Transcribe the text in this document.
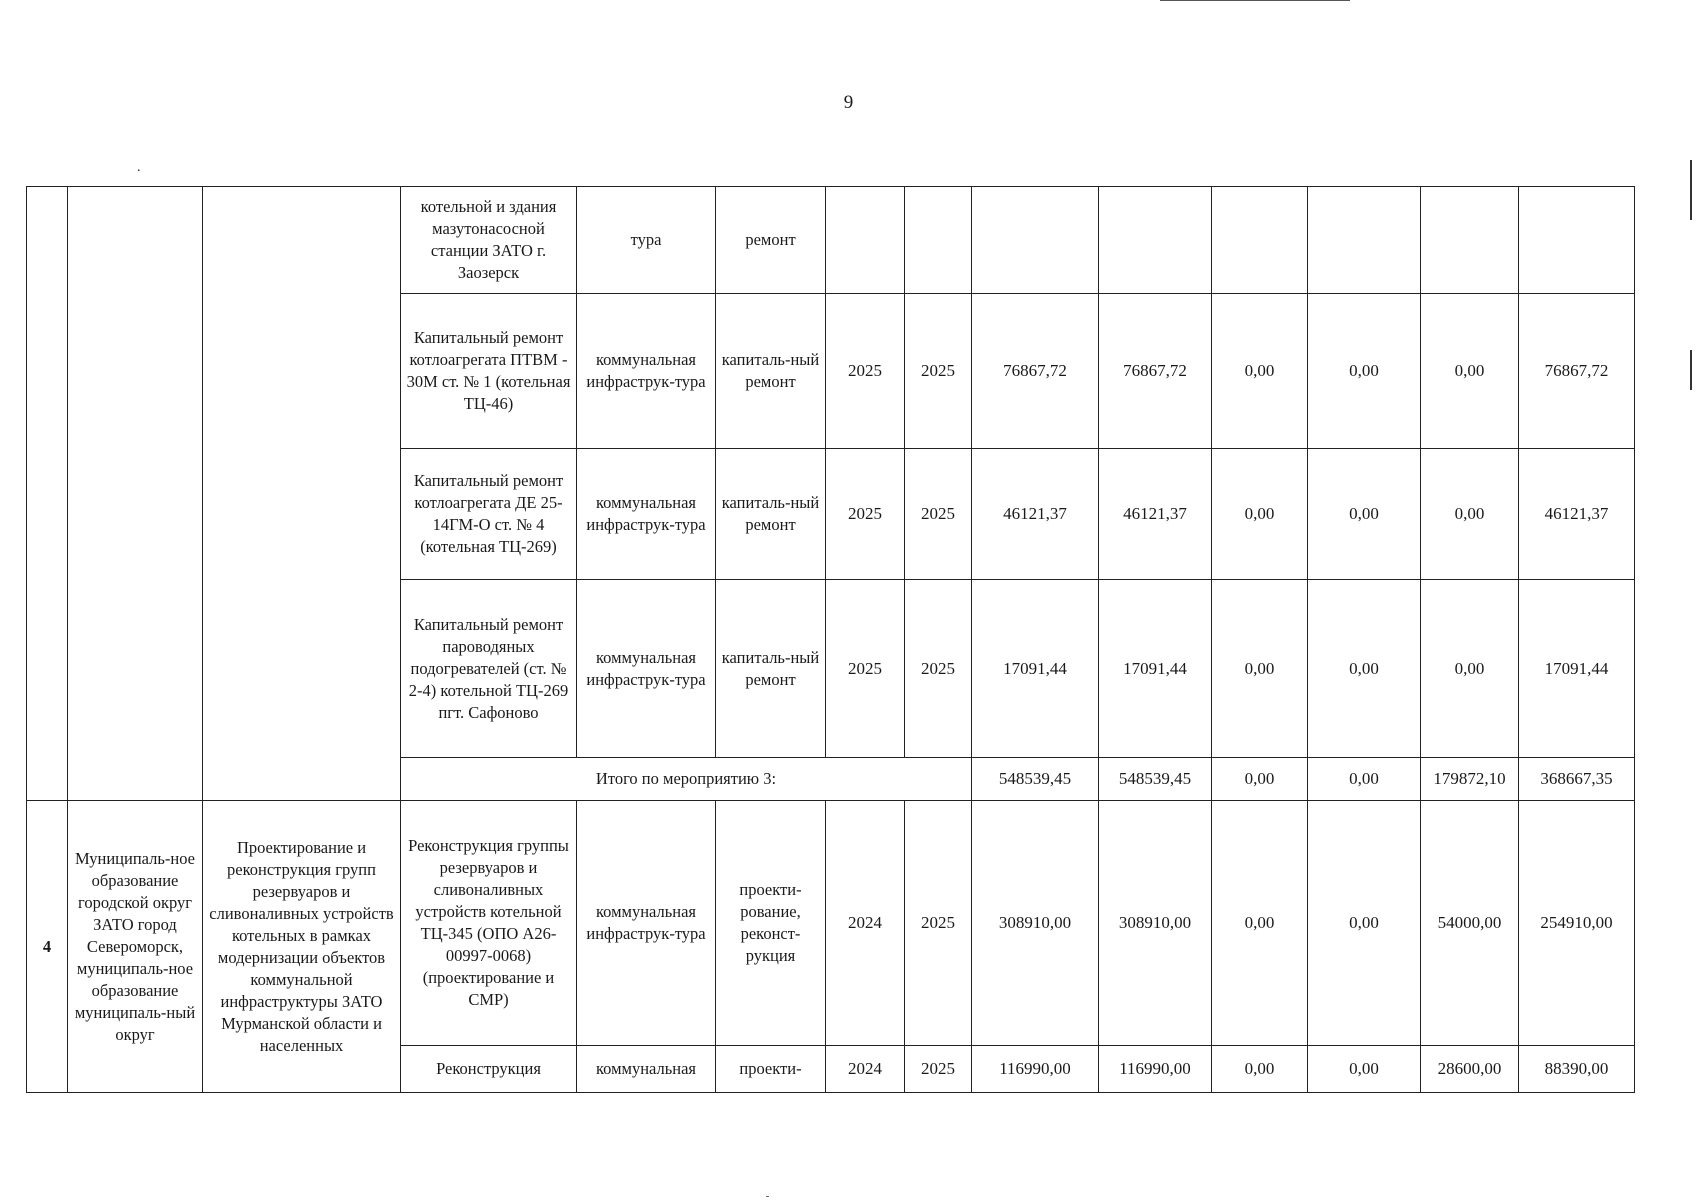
9
.
			котельной и здания мазутонасосной станции ЗАТО г. Заозерск	тура	ремонт								
			Капитальный ремонт котлоагрегата ПТВМ - 30М ст. № 1 (котельная ТЦ-46)	коммунальная инфраструк-тура	капиталь-ный ремонт	2025	2025	76867,72	76867,72	0,00	0,00	0,00	76867,72
			Капитальный ремонт котлоагрегата ДЕ 25-14ГМ-О ст. № 4 (котельная ТЦ-269)	коммунальная инфраструк-тура	капиталь-ный ремонт	2025	2025	46121,37	46121,37	0,00	0,00	0,00	46121,37
			Капитальный ремонт пароводяных подогревателей (ст. № 2-4) котельной ТЦ-269 пгт. Сафоново	коммунальная инфраструк-тура	капиталь-ный ремонт	2025	2025	17091,44	17091,44	0,00	0,00	0,00	17091,44
			Итого по мероприятию 3:					548539,45	548539,45	0,00	0,00	179872,10	368667,35
4	Муниципаль-ное образование городской округ ЗАТО город Североморск, муниципаль-ное образование муниципаль-ный округ	Проектирование и реконструкция групп резервуаров и сливоналивных устройств котельных в рамках модернизации объектов коммунальной инфраструктуры ЗАТО Мурманской области и населенных	Реконструкция группы резервуаров и сливоналивных устройств котельной ТЦ-345 (ОПО А26-00997-0068) (проектирование и СМР)	коммунальная инфраструк-тура	проекти-рование, реконст-рукция	2024	2025	308910,00	308910,00	0,00	0,00	54000,00	254910,00
			Реконструкция	коммунальная	проекти-	2024	2025	116990,00	116990,00	0,00	0,00	28600,00	88390,00
